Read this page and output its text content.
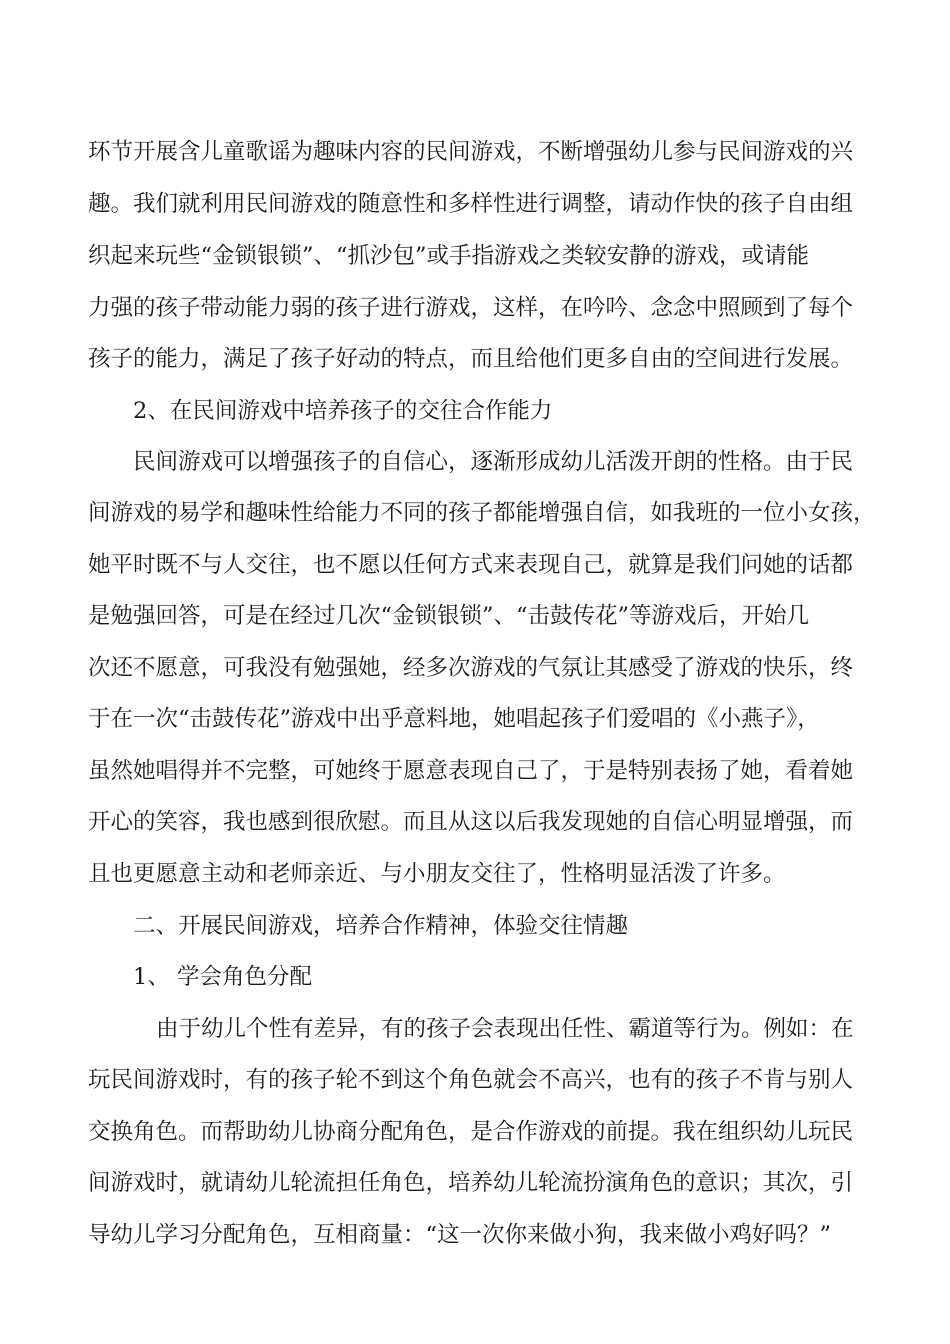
环节开展含儿童歌谣为趣味内容的民间游戏，不断增强幼儿参与民间游戏的兴
趣。我们就利用民间游戏的随意性和多样性进行调整，请动作快的孩子自由组
织起来玩些“金锁银锁”、“抓沙包”或手指游戏之类较安静的游戏，或请能
力强的孩子带动能力弱的孩子进行游戏，这样，在吟吟、念念中照顾到了每个
孩子的能力，满足了孩子好动的特点，而且给他们更多自由的空间进行发展。
2、在民间游戏中培养孩子的交往合作能力
民间游戏可以增强孩子的自信心，逐渐形成幼儿活泼开朗的性格。由于民
间游戏的易学和趣味性给能力不同的孩子都能增强自信，如我班的一位小女孩，
她平时既不与人交往，也不愿以任何方式来表现自己，就算是我们问她的话都
是勉强回答，可是在经过几次“金锁银锁”、“击鼓传花”等游戏后，开始几
次还不愿意，可我没有勉强她，经多次游戏的气氛让其感受了游戏的快乐，终
于在一次“击鼓传花”游戏中出乎意料地，她唱起孩子们爱唱的《小燕子》，
虽然她唱得并不完整，可她终于愿意表现自己了，于是特别表扬了她，看着她
开心的笑容，我也感到很欣慰。而且从这以后我发现她的自信心明显增强，而
且也更愿意主动和老师亲近、与小朋友交往了，性格明显活泼了许多。
二、开展民间游戏，培养合作精神，体验交往情趣
1、 学会角色分配
由于幼儿个性有差异，有的孩子会表现出任性、霸道等行为。例如：在
玩民间游戏时，有的孩子轮不到这个角色就会不高兴，也有的孩子不肯与别人
交换角色。而帮助幼儿协商分配角色，是合作游戏的前提。我在组织幼儿玩民
间游戏时，就请幼儿轮流担任角色，培养幼儿轮流扮演角色的意识；其次，引
导幼儿学习分配角色，互相商量：“这一次你来做小狗，我来做小鸡好吗？”
